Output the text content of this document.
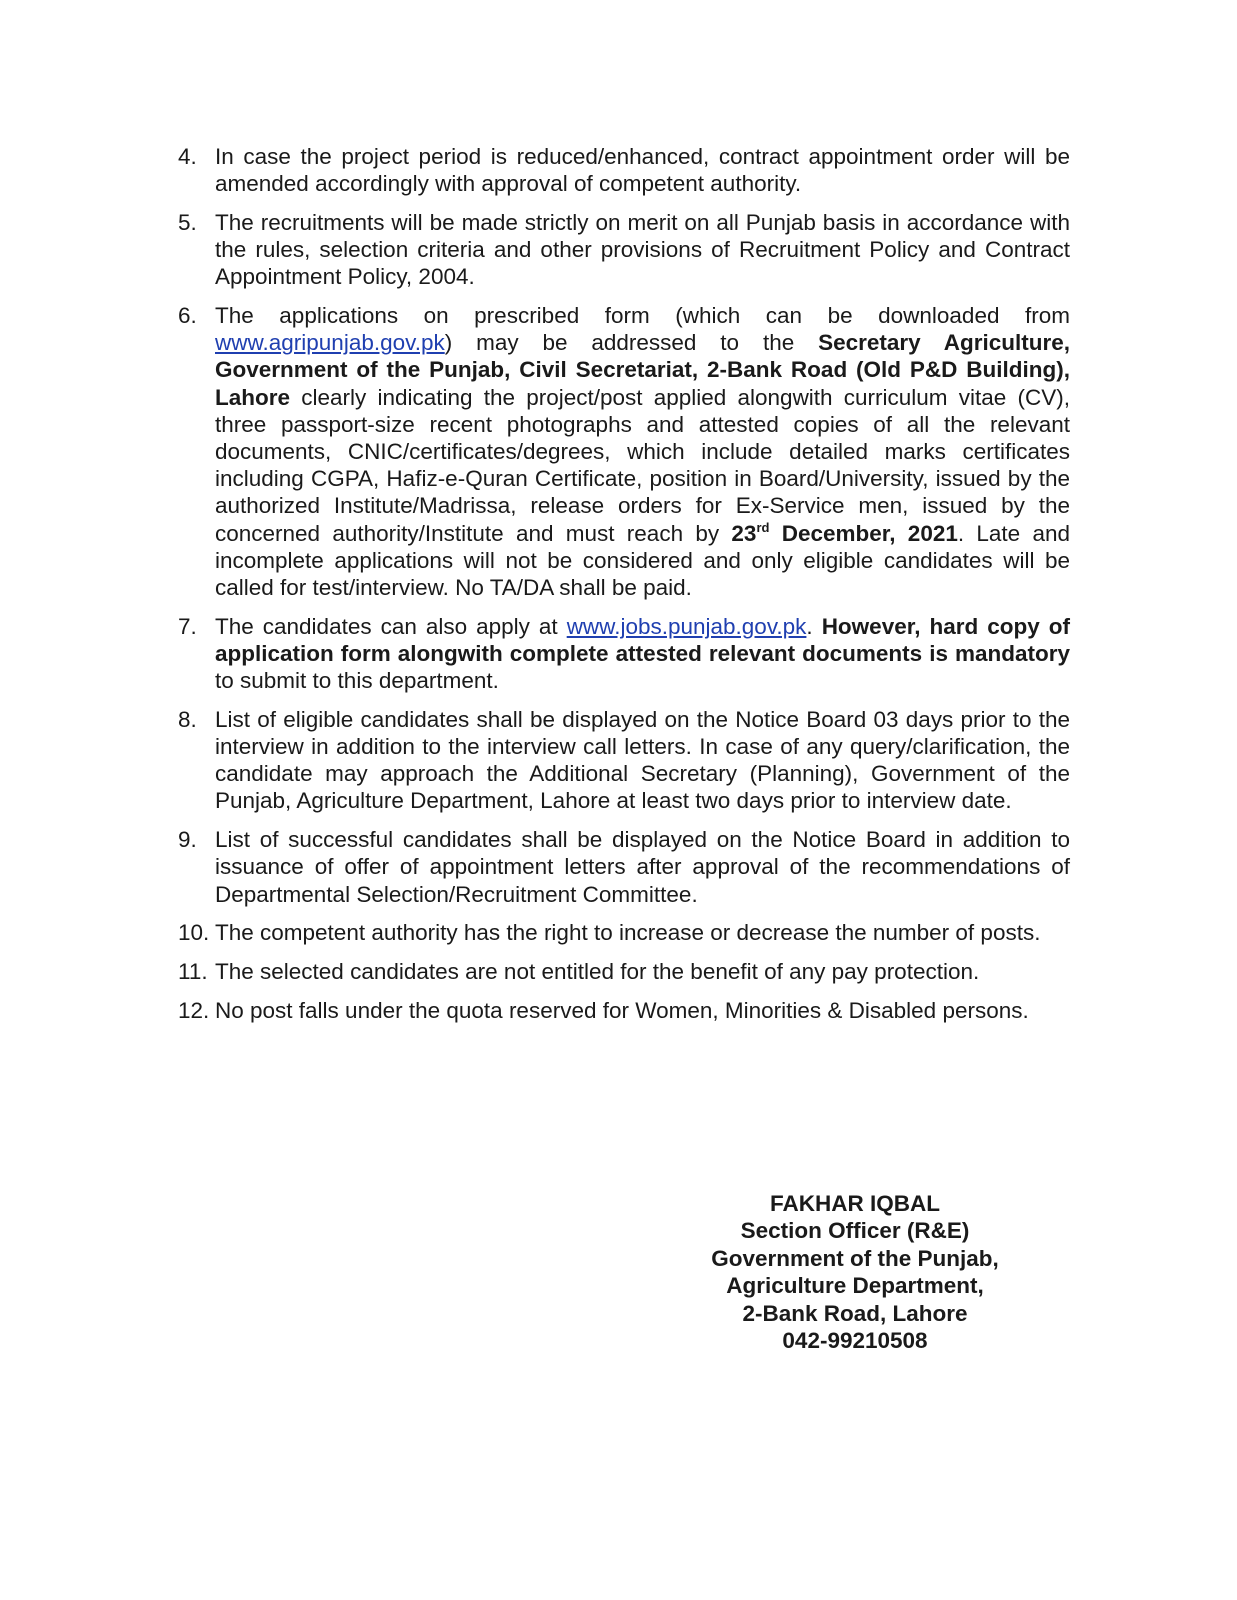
4. In case the project period is reduced/enhanced, contract appointment order will be amended accordingly with approval of competent authority.
5. The recruitments will be made strictly on merit on all Punjab basis in accordance with the rules, selection criteria and other provisions of Recruitment Policy and Contract Appointment Policy, 2004.
6. The applications on prescribed form (which can be downloaded from www.agripunjab.gov.pk) may be addressed to the Secretary Agriculture, Government of the Punjab, Civil Secretariat, 2-Bank Road (Old P&D Building), Lahore clearly indicating the project/post applied alongwith curriculum vitae (CV), three passport-size recent photographs and attested copies of all the relevant documents, CNIC/certificates/degrees, which include detailed marks certificates including CGPA, Hafiz-e-Quran Certificate, position in Board/University, issued by the authorized Institute/Madrissa, release orders for Ex-Service men, issued by the concerned authority/Institute and must reach by 23rd December, 2021. Late and incomplete applications will not be considered and only eligible candidates will be called for test/interview. No TA/DA shall be paid.
7. The candidates can also apply at www.jobs.punjab.gov.pk. However, hard copy of application form alongwith complete attested relevant documents is mandatory to submit to this department.
8. List of eligible candidates shall be displayed on the Notice Board 03 days prior to the interview in addition to the interview call letters. In case of any query/clarification, the candidate may approach the Additional Secretary (Planning), Government of the Punjab, Agriculture Department, Lahore at least two days prior to interview date.
9. List of successful candidates shall be displayed on the Notice Board in addition to issuance of offer of appointment letters after approval of the recommendations of Departmental Selection/Recruitment Committee.
10. The competent authority has the right to increase or decrease the number of posts.
11. The selected candidates are not entitled for the benefit of any pay protection.
12. No post falls under the quota reserved for Women, Minorities & Disabled persons.
FAKHAR IQBAL
Section Officer (R&E)
Government of the Punjab,
Agriculture Department,
2-Bank Road, Lahore
042-99210508
